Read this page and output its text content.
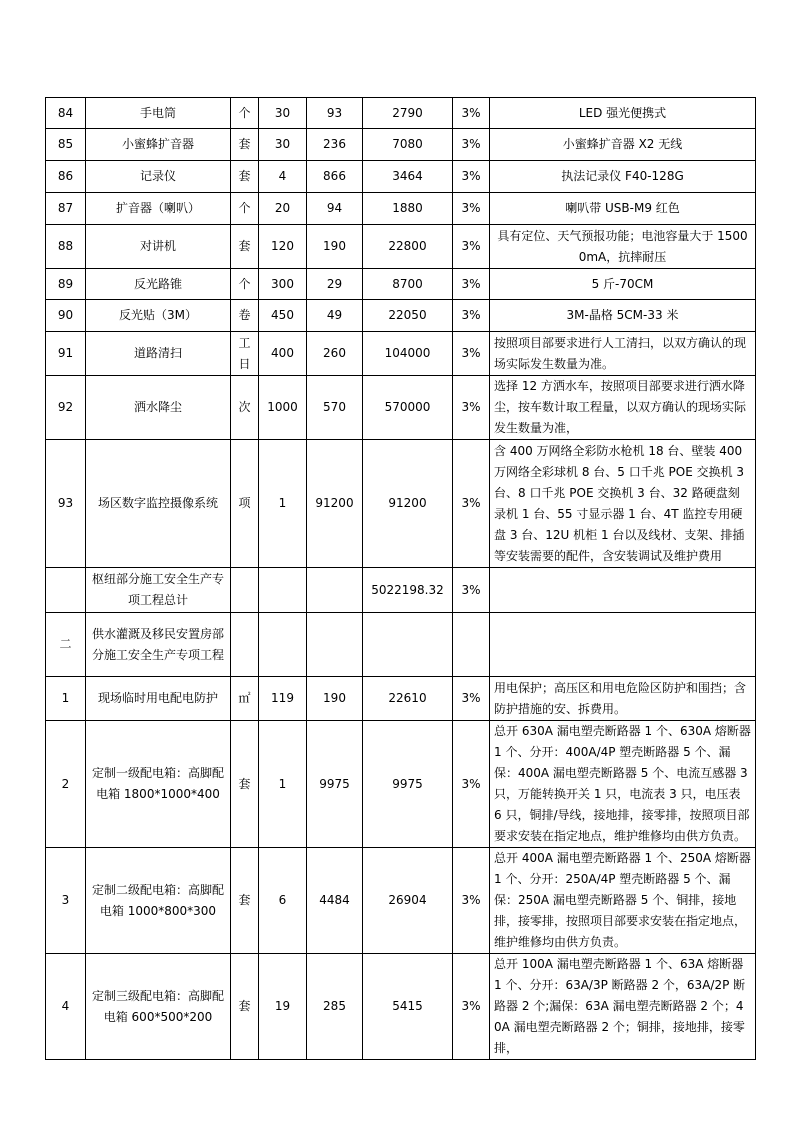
84	手电筒	个	30	93	2790	3%	LED 强光便携式
85	小蜜蜂扩音器	套	30	236	7080	3%	小蜜蜂扩音器 X2 无线
86	记录仪	套	4	866	3464	3%	执法记录仪 F40-128G
87	扩音器（喇叭）	个	20	94	1880	3%	喇叭带 USB-M9 红色
88	对讲机	套	120	190	22800	3%	具有定位、天气预报功能；电池容量大于 15000mA，抗摔耐压
89	反光路锥	个	300	29	8700	3%	5 斤-70CM
90	反光贴（3M）	卷	450	49	22050	3%	3M-晶格 5CM-33 米
91	道路清扫	工日	400	260	104000	3%	按照项目部要求进行人工清扫，以双方确认的现场实际发生数量为准。
92	洒水降尘	次	1000	570	570000	3%	选择 12 方洒水车，按照项目部要求进行洒水降尘，按车数计取工程量，以双方确认的现场实际发生数量为准，
93	场区数字监控摄像系统	项	1	91200	91200	3%	含 400 万网络全彩防水枪机 18 台、壁装 400 万网络全彩球机 8 台、5 口千兆 POE 交换机 3 台、8 口千兆 POE 交换机 3 台、32 路硬盘刻录机 1 台、55 寸显示器 1 台、4T 监控专用硬盘 3 台、12U 机柜 1 台以及线材、支架、排插等安装需要的配件，含安装调试及维护费用
	枢纽部分施工安全生产专项工程总计				5022198.32	3%	
二	供水灌溉及移民安置房部分施工安全生产专项工程						
1	现场临时用电配电防护	㎡	119	190	22610	3%	用电保护；高压区和用电危险区防护和围挡；含防护措施的安、拆费用。
2	定制一级配电箱：高脚配电箱 1800*1000*400	套	1	9975	9975	3%	总开 630A 漏电塑壳断路器 1 个、630A 熔断器 1 个、分开：400A/4P 塑壳断路器 5 个、漏保：400A 漏电塑壳断路器 5 个、电流互感器 3 只，万能转换开关 1 只，电流表 3 只，电压表 6 只，铜排/导线，接地排，接零排，按照项目部要求安装在指定地点，维护维修均由供方负责。
3	定制二级配电箱：高脚配电箱 1000*800*300	套	6	4484	26904	3%	总开 400A 漏电塑壳断路器 1 个、250A 熔断器 1 个、分开：250A/4P 塑壳断路器 5 个、漏保：250A 漏电塑壳断路器 5 个、铜排，接地排，接零排，按照项目部要求安装在指定地点，维护维修均由供方负责。
4	定制三级配电箱：高脚配电箱 600*500*200	套	19	285	5415	3%	总开 100A 漏电塑壳断路器 1 个、63A 熔断器 1 个、分开：63A/3P 断路器 2 个，63A/2P 断路器 2 个;漏保：63A 漏电塑壳断路器 2 个；40A 漏电塑壳断路器 2 个；铜排，接地排，接零排，
